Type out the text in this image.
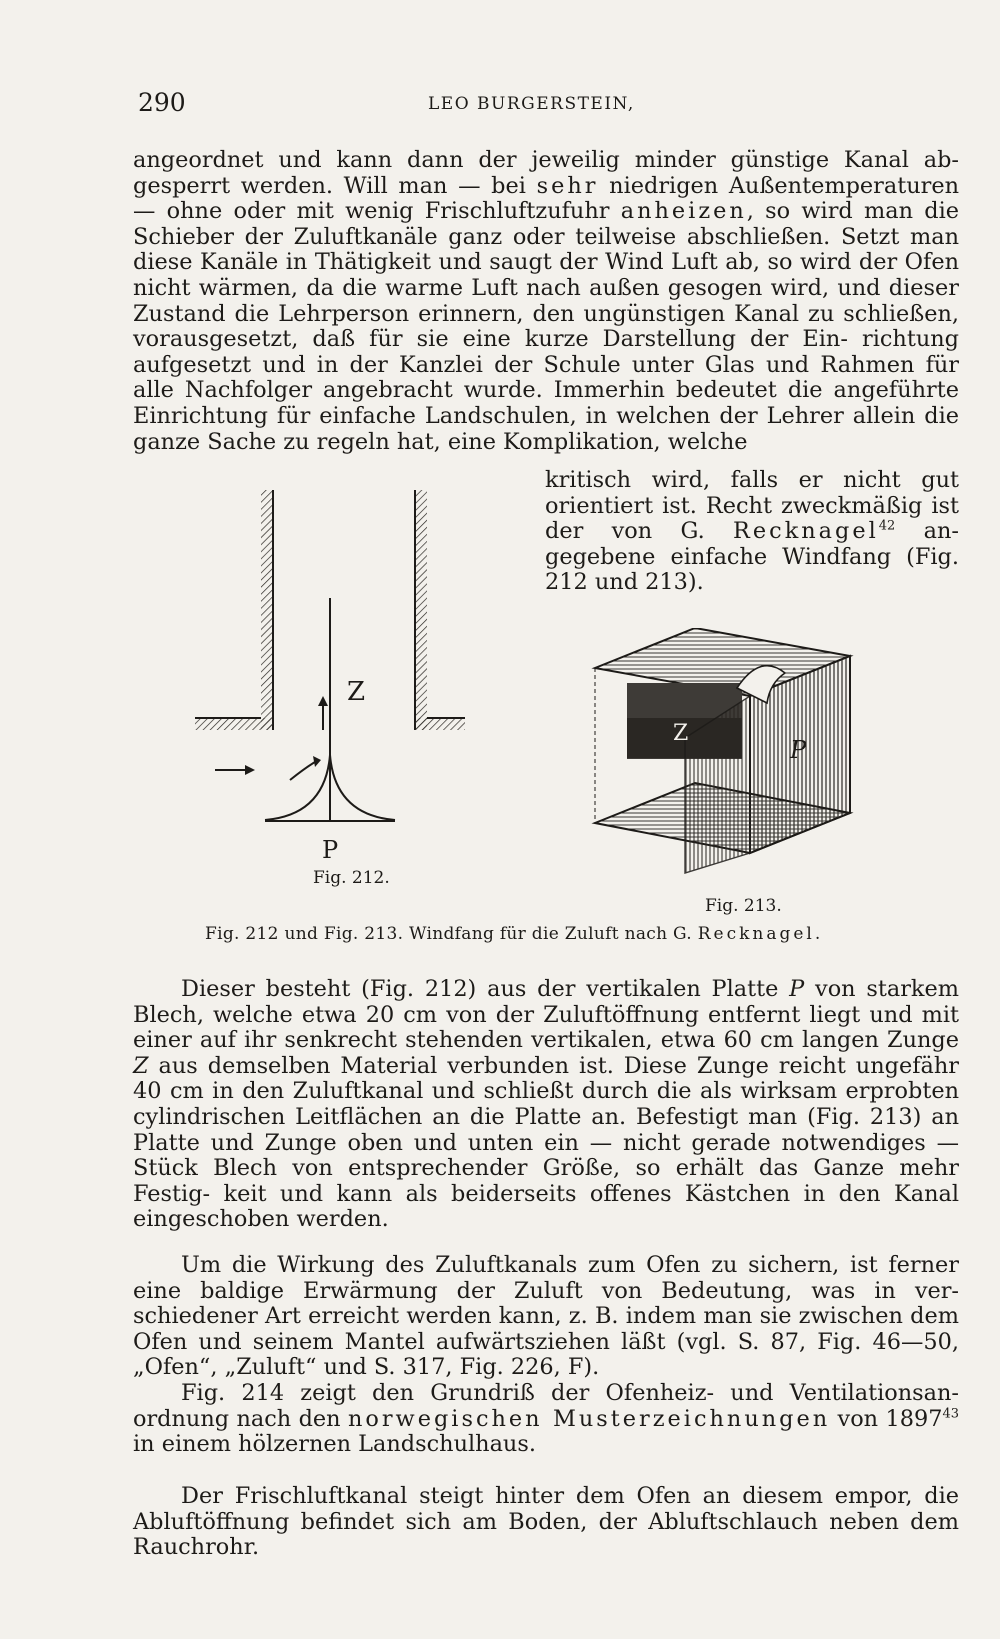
290	LEO BURGERSTEIN,

angeordnet und kann dann der jeweilig minder günstige Kanal ab- gesperrt werden. Will man — bei sehr niedrigen Außentemperaturen — ohne oder mit wenig Frischluftzufuhr anheizen, so wird man die Schieber der Zuluftkanäle ganz oder teilweise abschließen. Setzt man diese Kanäle in Thätigkeit und saugt der Wind Luft ab, so wird der Ofen nicht wärmen, da die warme Luft nach außen gesogen wird, und dieser Zustand die Lehrperson erinnern, den ungünstigen Kanal zu schließen, vorausgesetzt, daß für sie eine kurze Darstellung der Ein- richtung aufgesetzt und in der Kanzlei der Schule unter Glas und Rahmen für alle Nachfolger angebracht wurde. Immerhin bedeutet die angeführte Einrichtung für einfache Landschulen, in welchen der Lehrer allein die ganze Sache zu regeln hat, eine Komplikation, welche

kritisch wird, falls er nicht gut orientiert ist. Recht zweckmäßig ist der von G. Recknagel$^{42}$ an- gegebene einfache Windfang (Fig. 212 und 213).

Z
P
Fig. 212.
Z
P
Fig. 213.
Fig. 212 und Fig. 213. Windfang für die Zuluft nach G. Recknagel.

Dieser besteht (Fig. 212) aus der vertikalen Platte P von starkem Blech, welche etwa 20 cm von der Zuluftöffnung entfernt liegt und mit einer auf ihr senkrecht stehenden vertikalen, etwa 60 cm langen Zunge Z aus demselben Material verbunden ist. Diese Zunge reicht ungefähr 40 cm in den Zuluftkanal und schließt durch die als wirksam erprobten cylindrischen Leitflächen an die Platte an. Befestigt man (Fig. 213) an Platte und Zunge oben und unten ein — nicht gerade notwendiges — Stück Blech von entsprechender Größe, so erhält das Ganze mehr Festig- keit und kann als beiderseits offenes Kästchen in den Kanal eingeschoben werden.

Um die Wirkung des Zuluftkanals zum Ofen zu sichern, ist ferner eine baldige Erwärmung der Zuluft von Bedeutung, was in ver- schiedener Art erreicht werden kann, z. B. indem man sie zwischen dem Ofen und seinem Mantel aufwärtsziehen läßt (vgl. S. 87, Fig. 46—50, „Ofen“, „Zuluft“ und S. 317, Fig. 226, F).

Fig. 214 zeigt den Grundriß der Ofenheiz- und Ventilationsan- ordnung nach den norwegischen Musterzeichnungen von 1897$^{43}$ in einem hölzernen Landschulhaus.

Der Frischluftkanal steigt hinter dem Ofen an diesem empor, die Abluftöffnung befindet sich am Boden, der Abluftschlauch neben dem Rauchrohr.
